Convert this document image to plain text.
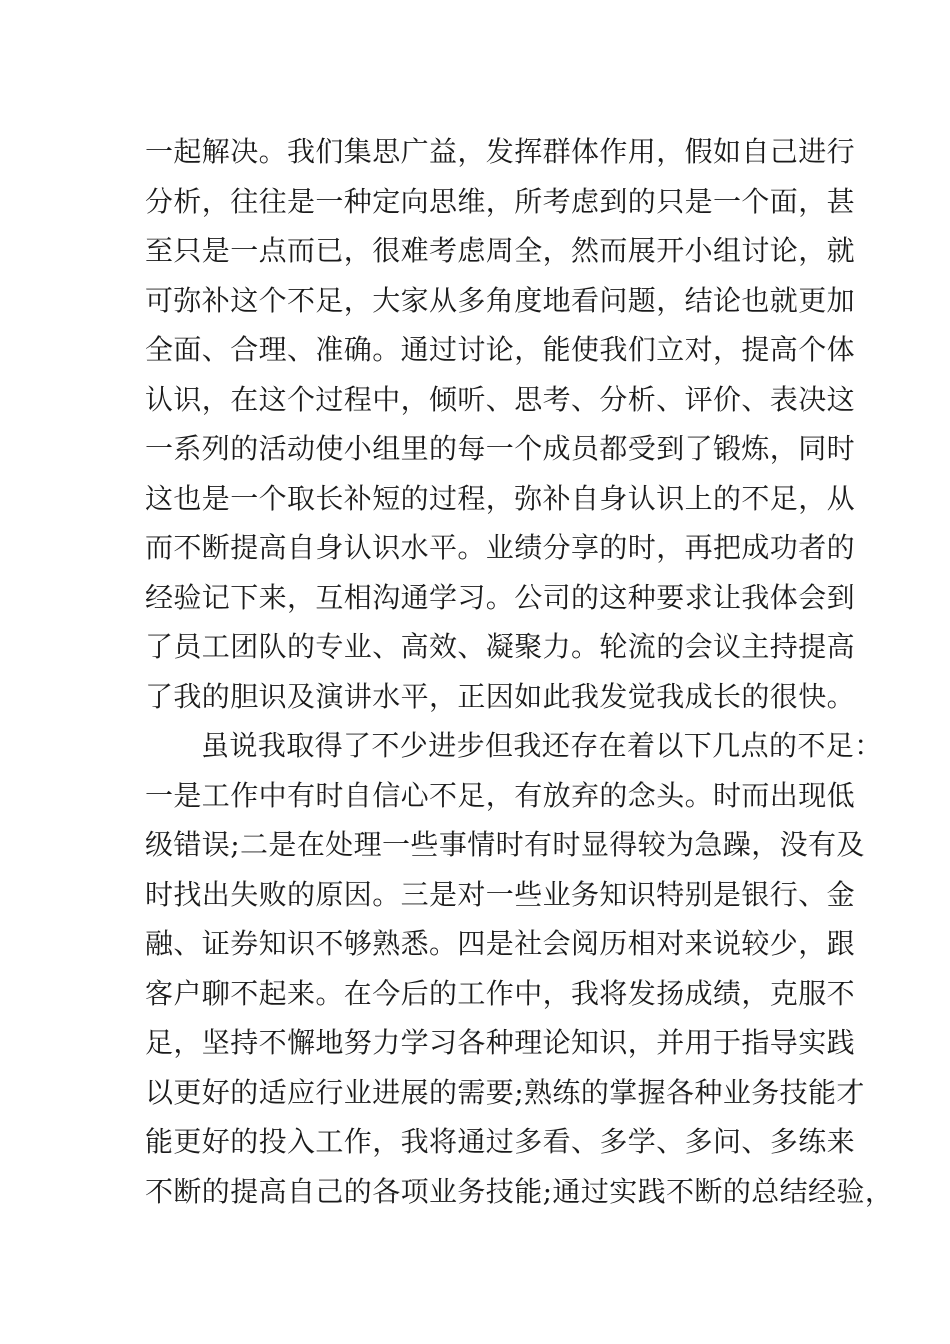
一起解决。我们集思广益，发挥群体作用，假如自己进行
分析，往往是一种定向思维，所考虑到的只是一个面，甚
至只是一点而已，很难考虑周全，然而展开小组讨论，就
可弥补这个不足，大家从多角度地看问题，结论也就更加
全面、合理、准确。通过讨论，能使我们立对，提高个体
认识，在这个过程中，倾听、思考、分析、评价、表决这
一系列的活动使小组里的每一个成员都受到了锻炼，同时
这也是一个取长补短的过程，弥补自身认识上的不足，从
而不断提高自身认识水平。业绩分享的时，再把成功者的
经验记下来，互相沟通学习。公司的这种要求让我体会到
了员工团队的专业、高效、凝聚力。轮流的会议主持提高
了我的胆识及演讲水平，正因如此我发觉我成长的很快。
虽说我取得了不少进步但我还存在着以下几点的不足：
一是工作中有时自信心不足，有放弃的念头。时而出现低
级错误;二是在处理一些事情时有时显得较为急躁，没有及
时找出失败的原因。三是对一些业务知识特别是银行、金
融、证券知识不够熟悉。四是社会阅历相对来说较少，跟
客户聊不起来。在今后的工作中，我将发扬成绩，克服不
足，坚持不懈地努力学习各种理论知识，并用于指导实践
以更好的适应行业进展的需要;熟练的掌握各种业务技能才
能更好的投入工作，我将通过多看、多学、多问、多练来
不断的提高自己的各项业务技能;通过实践不断的总结经验，
